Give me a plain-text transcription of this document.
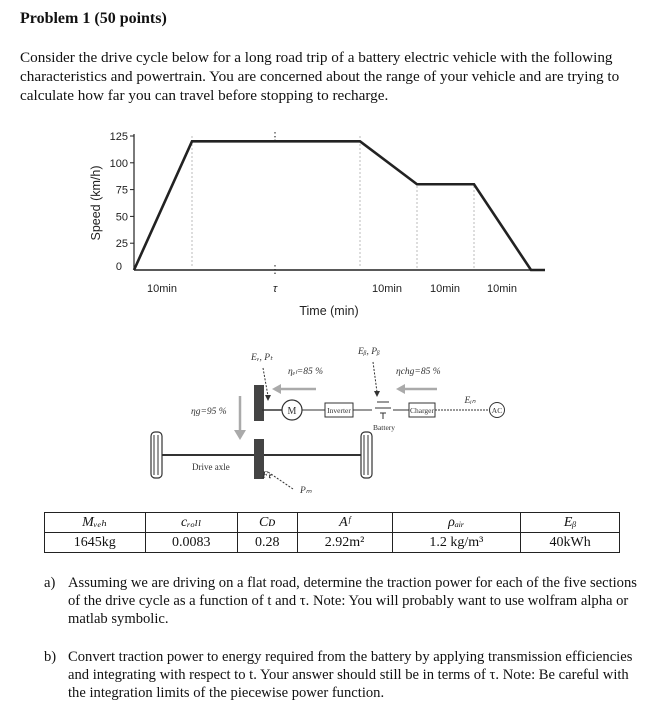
Problem 1 (50 points)
Consider the drive cycle below for a long road trip of a battery electric vehicle with the following characteristics and powertrain. You are concerned about the range of your vehicle and are trying to calculate how far you can travel before stopping to recharge.
125
100
75
50
25
0
⋮
⋮
10min	τ	10min	10min 10min
Time (min)
Speed (km/h)
M	Inverter
Battery
Charger	AC
Eᵢₙ
Eᵥ, Pₜ
Eᵦ, Pᵦ
ηₑₗ=85 %	ηchg=85 %
ηg=95 %
Drive axle
Pₘ
Fₜ
Mᵥₑₕ	cᵣₒₗₗ	Cᴅ	Aᶠ	ρₐᵢᵣ	Eᵦ
1645kg	0.0083	0.28	2.92m²	1.2 kg/m³	40kWh
a) Assuming we are driving on a flat road, determine the traction power for each of the five sections of the drive cycle as a function of t and τ. Note: You will probably want to use wolfram alpha or matlab symbolic.
b) Convert traction power to energy required from the battery by applying transmission efficiencies and integrating with respect to t. Your answer should still be in terms of τ. Note: Be careful with the integration limits of the piecewise power function.
